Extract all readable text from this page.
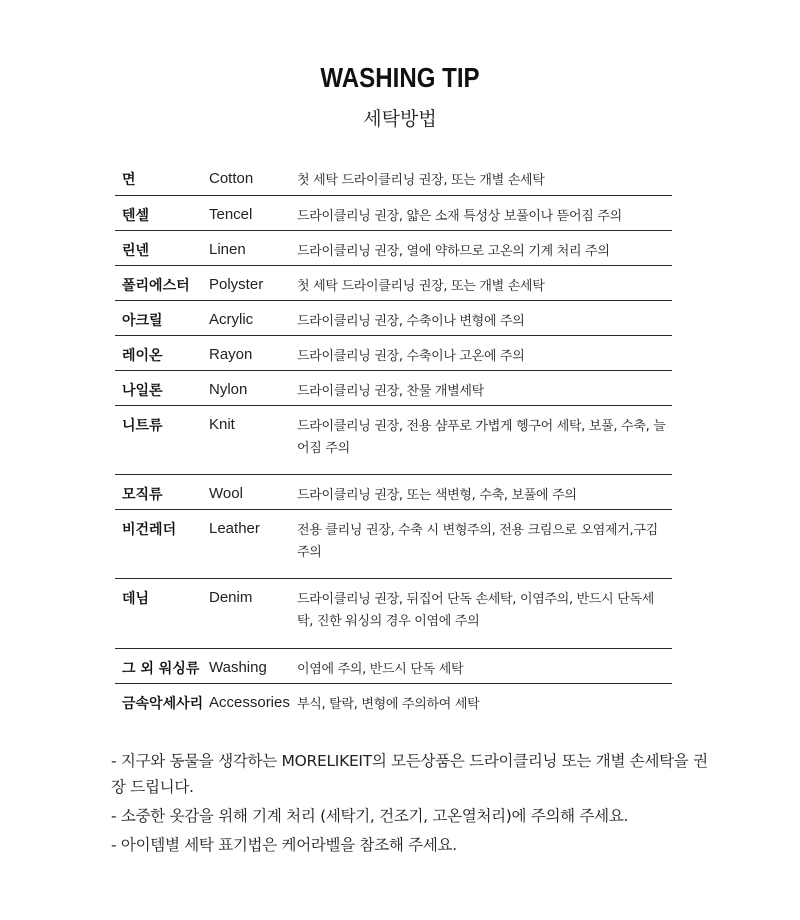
WASHING TIP
세탁방법
면	Cotton	첫 세탁 드라이클리닝 권장, 또는 개별 손세탁
텐셀	Tencel	드라이클리닝 권장, 얇은 소재 특성상 보풀이나 뜯어짐 주의
린넨	Linen	드라이클리닝 권장, 열에 약하므로 고온의 기계 처리 주의
폴리에스터 Polyster	첫 세탁 드라이클리닝 권장, 또는 개별 손세탁
아크릴	Acrylic	드라이클리닝 권장, 수축이나 변형에 주의
레이온	Rayon	드라이클리닝 권장, 수축이나 고온에 주의
나일론	Nylon	드라이클리닝 권장, 찬물 개별세탁
니트류	Knit	드라이클리닝 권장, 전용 샴푸로 가볍게 헹구어 세탁, 보풀, 수축, 늘어짐 주의
모직류	Wool	드라이클리닝 권장, 또는 색변형, 수축, 보풀에 주의
비건레더 Leather	전용 클리닝 권장, 수축 시 변형주의, 전용 크림으로 오염제거,구김 주의
데님	Denim	드라이클리닝 권장, 뒤집어 단독 손세탁, 이염주의, 반드시 단독세탁, 진한 워싱의 경우 이염에 주의
그 외 워싱류 Washing 이염에 주의, 반드시 단독 세탁
금속악세사리 Accessories 부식, 탈락, 변형에 주의하여 세탁

- 지구와 동물을 생각하는 MORELIKEIT의 모든상품은 드라이클리닝 또는 개별 손세탁을 권장 드립니다.

- 소중한 옷감을 위해 기계 처리 (세탁기, 건조기, 고온열처리)에 주의해 주세요.

- 아이템별 세탁 표기법은 케어라벨을 참조해 주세요.
